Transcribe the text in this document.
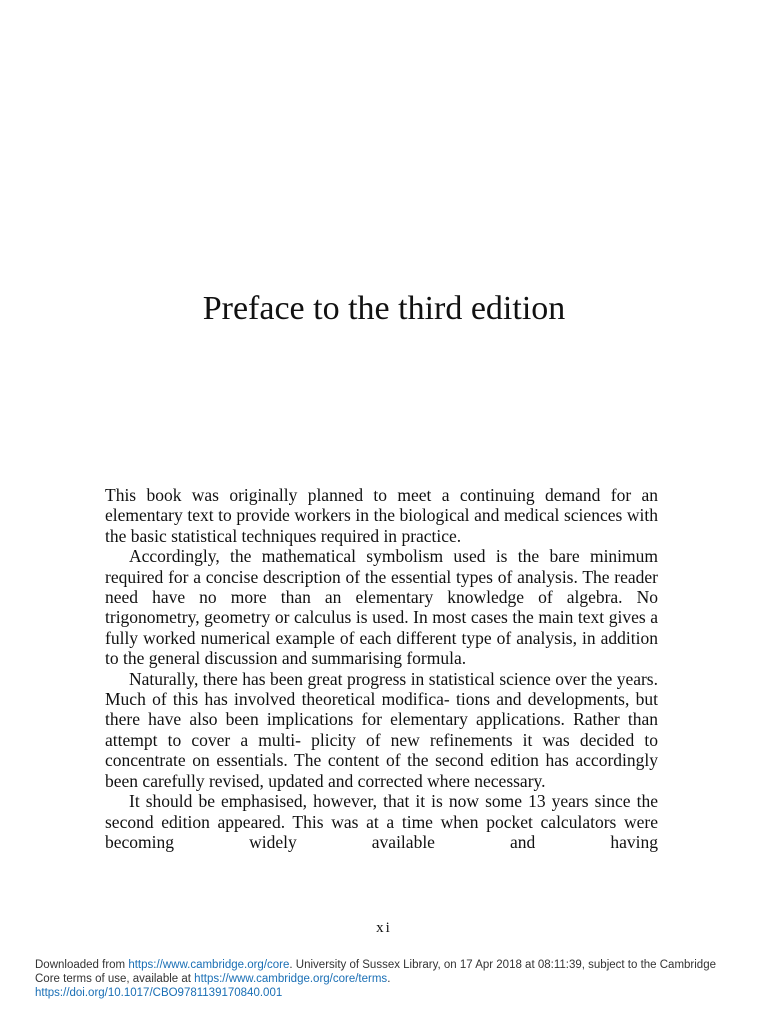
Preface to the third edition

This book was originally planned to meet a continuing demand for an elementary text to provide workers in the biological and medical sciences with the basic statistical techniques required in practice.

Accordingly, the mathematical symbolism used is the bare minimum required for a concise description of the essential types of analysis. The reader need have no more than an elementary knowledge of algebra. No trigonometry, geometry or calculus is used. In most cases the main text gives a fully worked numerical example of each different type of analysis, in addition to the general discussion and summarising formula.

Naturally, there has been great progress in statistical science over the years. Much of this has involved theoretical modifica- tions and developments, but there have also been implications for elementary applications. Rather than attempt to cover a multi- plicity of new refinements it was decided to concentrate on essentials. The content of the second edition has accordingly been carefully revised, updated and corrected where necessary.

It should be emphasised, however, that it is now some 13 years since the second edition appeared. This was at a time when pocket calculators were becoming widely available and having

xi
Downloaded from https://www.cambridge.org/core. University of Sussex Library, on 17 Apr 2018 at 08:11:39, subject to the Cambridge Core terms of use, available at https://www.cambridge.org/core/terms.
https://doi.org/10.1017/CBO9781139170840.001
